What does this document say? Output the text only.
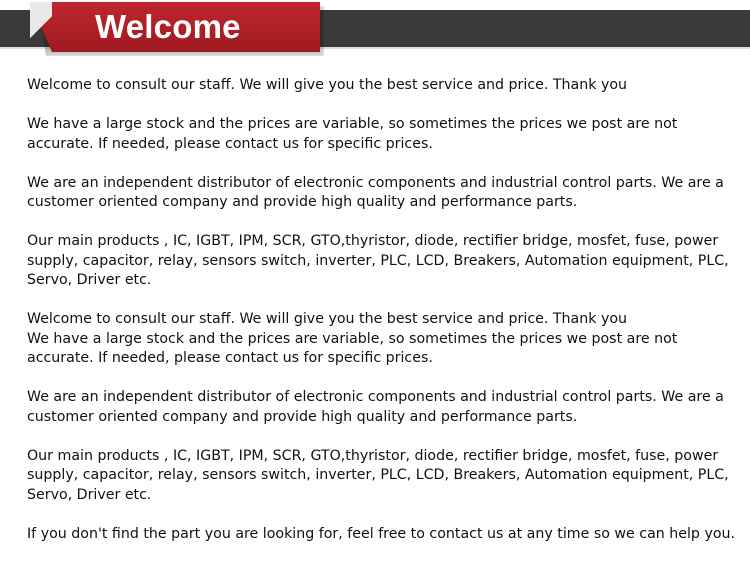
Welcome

Welcome to consult our staff. We will give you the best service and price. Thank you

We have a large stock and the prices are variable, so sometimes the prices we post are not accurate. If needed, please contact us for specific prices.

We are an independent distributor of electronic components and industrial control parts. We are a customer oriented company and provide high quality and performance parts.

Our main products , IC, IGBT, IPM, SCR, GTO,thyristor, diode, rectifier bridge, mosfet, fuse, power supply, capacitor, relay, sensors switch, inverter, PLC, LCD, Breakers, Automation equipment, PLC, Servo, Driver etc.

Welcome to consult our staff. We will give you the best service and price. Thank you

We have a large stock and the prices are variable, so sometimes the prices we post are not accurate. If needed, please contact us for specific prices.

We are an independent distributor of electronic components and industrial control parts. We are a customer oriented company and provide high quality and performance parts.

Our main products , IC, IGBT, IPM, SCR, GTO,thyristor, diode, rectifier bridge, mosfet, fuse, power supply, capacitor, relay, sensors switch, inverter, PLC, LCD, Breakers, Automation equipment, PLC, Servo, Driver etc.

If you don't find the part you are looking for, feel free to contact us at any time so we can help you.
